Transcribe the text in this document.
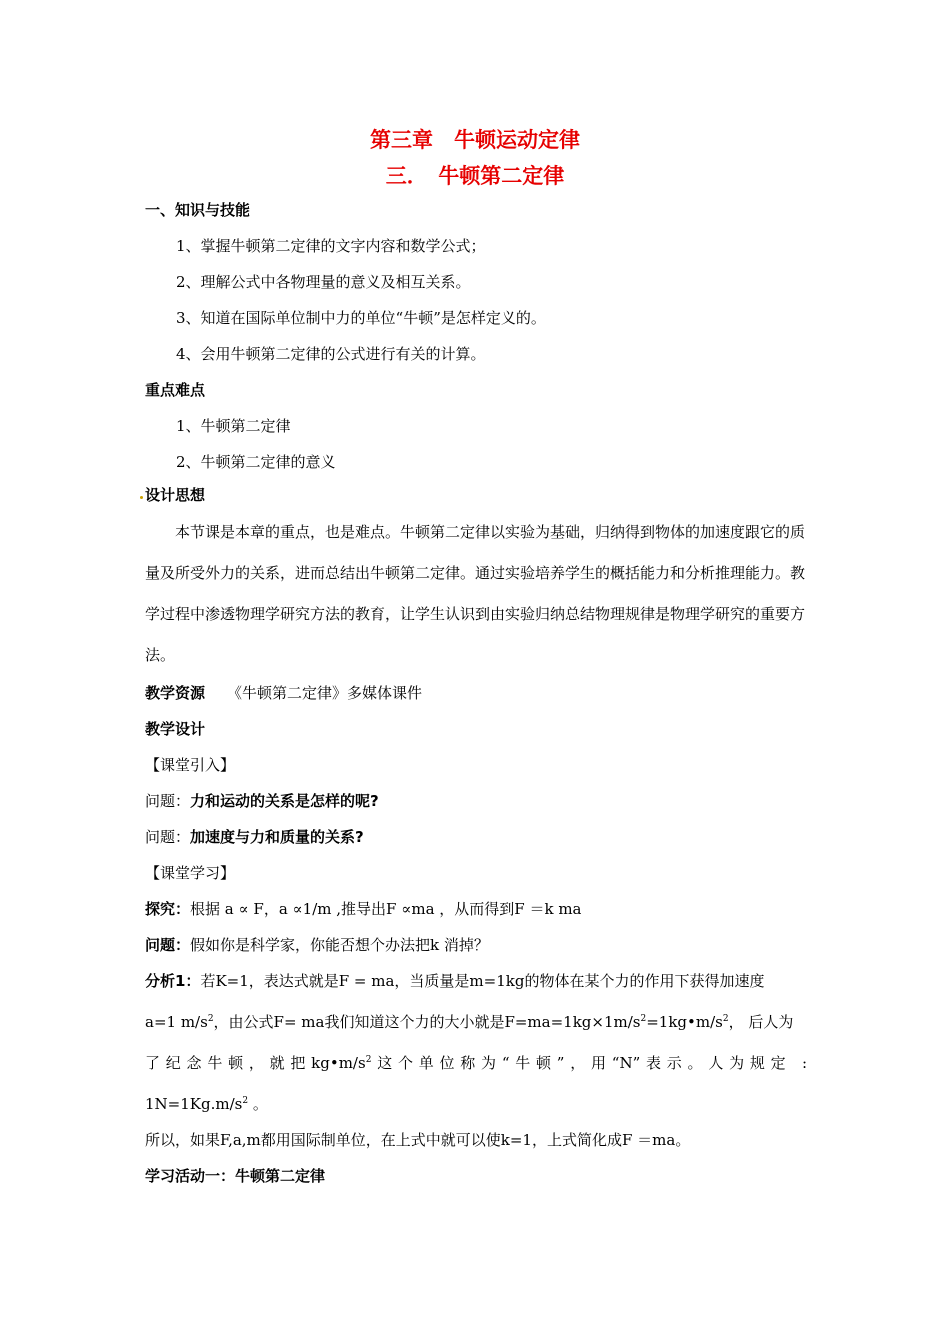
第三章　牛顿运动定律
三．　牛顿第二定律
一、知识与技能
1、掌握牛顿第二定律的文字内容和数学公式；
2、理解公式中各物理量的意义及相互关系。
3、知道在国际单位制中力的单位“牛顿”是怎样定义的。
4、会用牛顿第二定律的公式进行有关的计算。
重点难点
1、牛顿第二定律
2、牛顿第二定律的意义
设计思想
本节课是本章的重点，也是难点。牛顿第二定律以实验为基础，归纳得到物体的加速度跟它的质量及所受外力的关系，进而总结出牛顿第二定律。通过实验培养学生的概括能力和分析推理能力。教学过程中渗透物理学研究方法的教育，让学生认识到由实验归纳总结物理规律是物理学研究的重要方法。
教学资源 《牛顿第二定律》多媒体课件
教学设计
【课堂引入】
问题：力和运动的关系是怎样的呢?
问题：加速度与力和质量的关系?
【课堂学习】
探究：根据 a ∝ F，a ∝1/m ,推导出F ∝ma ，从而得到F ＝k ma
问题：假如你是科学家，你能否想个办法把k 消掉？
分析1：若K=1，表达式就是F = ma，当质量是m=1kg的物体在某个力的作用下获得加速度
a=1 $m/s^2$，由公式F= ma我们知道这个力的大小就是$F=ma=1kg\times 1m/s^2=1kg•m/s^2$， 后人为
了纪念牛顿，就把$kg•m/s^2$这个单位称为“牛顿”，用“N”表示。人为规定 :
$1N=1Kg.m/s^2$ 。
所以，如果F,a,m都用国际制单位，在上式中就可以使k=1，上式简化成F ＝ma。
学习活动一：牛顿第二定律
